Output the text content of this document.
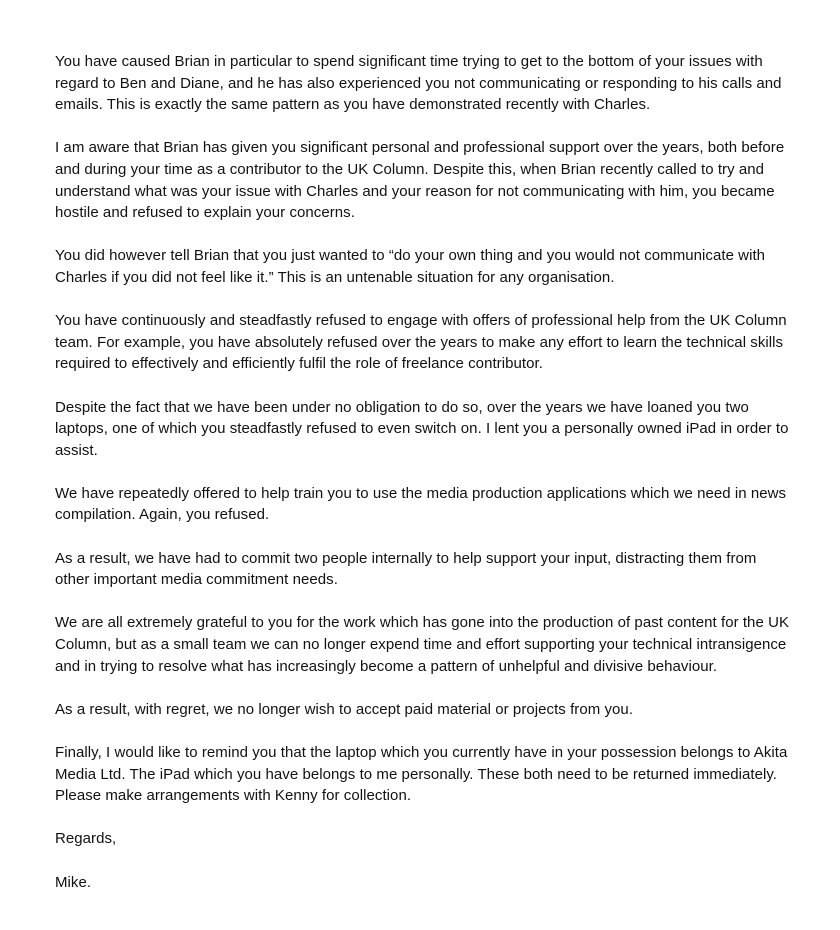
You have caused Brian in particular to spend significant time trying to get to the bottom of your issues with regard to Ben and Diane, and he has also experienced you not communicating or responding to his calls and emails. This is exactly the same pattern as you have demonstrated recently with Charles.

I am aware that Brian has given you significant personal and professional support over the years, both before and during your time as a contributor to the UK Column. Despite this, when Brian recently called to try and understand what was your issue with Charles and your reason for not communicating with him, you became hostile and refused to explain your concerns.

You did however tell Brian that you just wanted to “do your own thing and you would not communicate with Charles if you did not feel like it.” This is an untenable situation for any organisation.

You have continuously and steadfastly refused to engage with offers of professional help from the UK Column team. For example, you have absolutely refused over the years to make any effort to learn the technical skills required to effectively and efficiently fulfil the role of freelance contributor.

Despite the fact that we have been under no obligation to do so, over the years we have loaned you two laptops, one of which you steadfastly refused to even switch on. I lent you a personally owned iPad in order to assist.

We have repeatedly offered to help train you to use the media production applications which we need in news compilation. Again, you refused.

As a result, we have had to commit two people internally to help support your input, distracting them from other important media commitment needs.

We are all extremely grateful to you for the work which has gone into the production of past content for the UK Column, but as a small team we can no longer expend time and effort supporting your technical intransigence and in trying to resolve what has increasingly become a pattern of unhelpful and divisive behaviour.

As a result, with regret, we no longer wish to accept paid material or projects from you.

Finally, I would like to remind you that the laptop which you currently have in your possession belongs to Akita Media Ltd. The iPad which you have belongs to me personally. These both need to be returned immediately. Please make arrangements with Kenny for collection.

Regards,

Mike.
